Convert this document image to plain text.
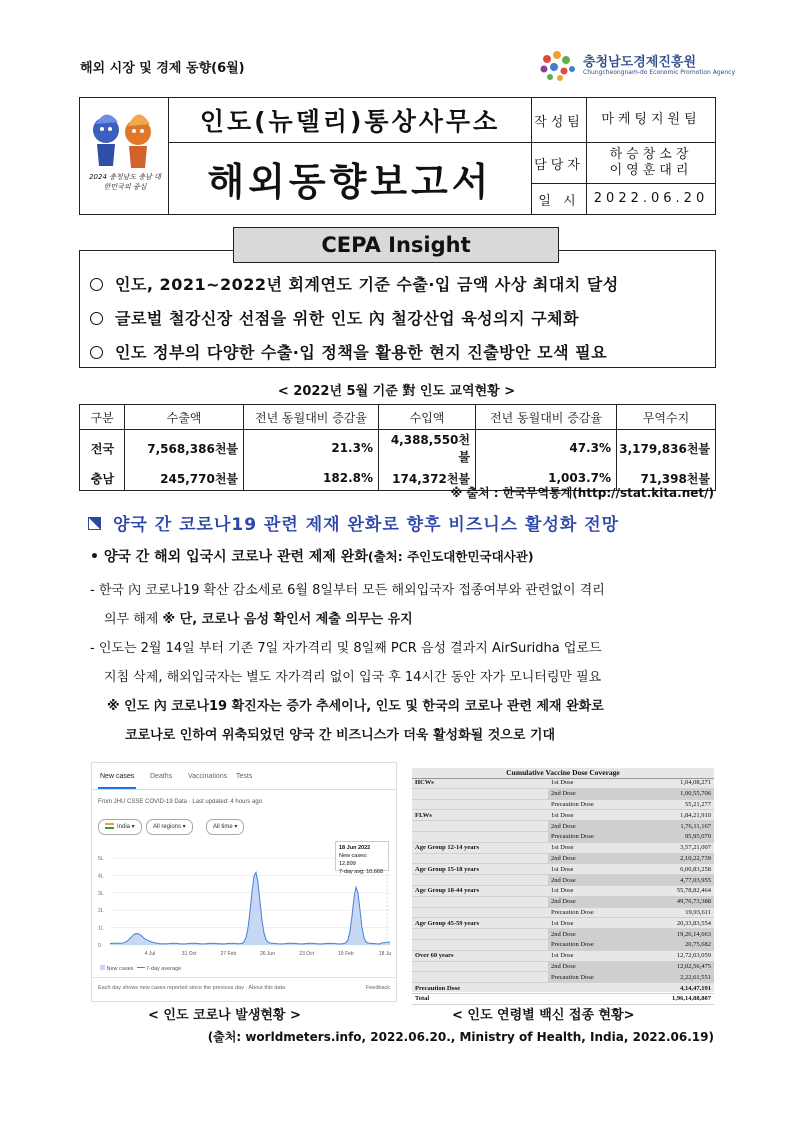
해외 시장 및 경제 동향(6월)	충청남도경제진흥원
Chungcheongnam-do Economic Promotion Agency
2024 충청남도 충남 대한민국의 중심	인도(뉴델리)통상사무소	작성팀	마케팅지원팀
	해외동향보고서	담당자	하승창소장
이영훈대리

		일 시	2022.06.20
CEPA Insight
인도, 2021~2022년 회계연도 기준 수출·입 금액 사상 최대치 달성
글로벌 철강신장 선점을 위한 인도 內 철강산업 육성의지 구체화
인도 정부의 다양한 수출·입 정책을 활용한 현지 진출방안 모색 필요
< 2022년 5월 기준 對 인도 교역현황 >
구분	수출액	전년 동월대비 증감율	수입액	전년 동월대비 증감율	무역수지
전국	7,568,386천불	21.3%	4,388,550천불	47.3%	3,179,836천불
충남	245,770천불	182.8%	174,372천불	1,003.7%	71,398천불
※ 출처 : 한국무역통계(http://stat.kita.net/)
양국 간 코로나19 관련 제재 완화로 향후 비즈니스 활성화 전망
• 양국 간 해외 입국시 코로나 관련 제제 완화(출처: 주인도대한민국대사관)
- 한국 內 코로나19 확산 감소세로 6월 8일부터 모든 해외입국자 접종여부와 관련없이 격리
의무 해제 ※ 단, 코로나 음성 확인서 제출 의무는 유지
- 인도는 2월 14일 부터 기존 7일 자가격리 및 8일째 PCR 음성 결과지 AirSuridha 업로드
지침 삭제, 해외입국자는 별도 자가격리 없이 입국 후 14시간 동안 자가 모니터링만 필요
※ 인도 內 코로나19 확진자는 증가 추세이나, 인도 및 한국의 코로나 관련 제재 완화로
코로나로 인하여 위축되었던 양국 간 비즈니스가 더욱 활성화될 것으로 기대
New cases Deaths Vaccinations Tests
From JHU CSSE COVID-19 Data · Last updated: 4 hours ago
India ▾	All regions ▾	All time ▾
5L
4L
3L
2L
1L
0
4 Jul	31 Oct	27 Feb	26 Jun	23 Oct	19 Feb	18 Ju
18 Jun 2022
New cases: 12,899
7-day avg: 10,668
New cases 7-day average
Each day shows new cases reported since the previous day · About this data	Feedback
Cumulative Vaccine Dose Coverage
HCWs	1st Dose	1,04,08,271
	2nd Dose	1,00,55,706
	Precaution Dose	55,21,277
FLWs	1st Dose	1,84,21,910
	2nd Dose	1,76,11,167
	Precaution Dose	95,95,070
Age Group 12-14 years	1st Dose	3,57,21,007
	2nd Dose	2,10,22,739
Age Group 15-18 years	1st Dose	6,00,83,258
	2nd Dose	4,77,03,955
Age Group 18-44 years	1st Dose	55,78,82,464
	2nd Dose	49,76,73,388
	Precaution Dose	19,93,611
Age Group 45-59 years	1st Dose	20,33,83,554
	2nd Dose	19,26,14,663
	Precaution Dose	20,75,682
Over 60 years	1st Dose	12,72,03,059
	2nd Dose	12,02,56,475
	Precaution Dose	2,22,61,551
Precaution Dose		4,14,47,191
Total		1,96,14,88,807
< 인도 코로나 발생현황 >	< 인도 연령별 백신 접종 현황>
(출처: worldmeters.info, 2022.06.20., Ministry of Health, India, 2022.06.19)
